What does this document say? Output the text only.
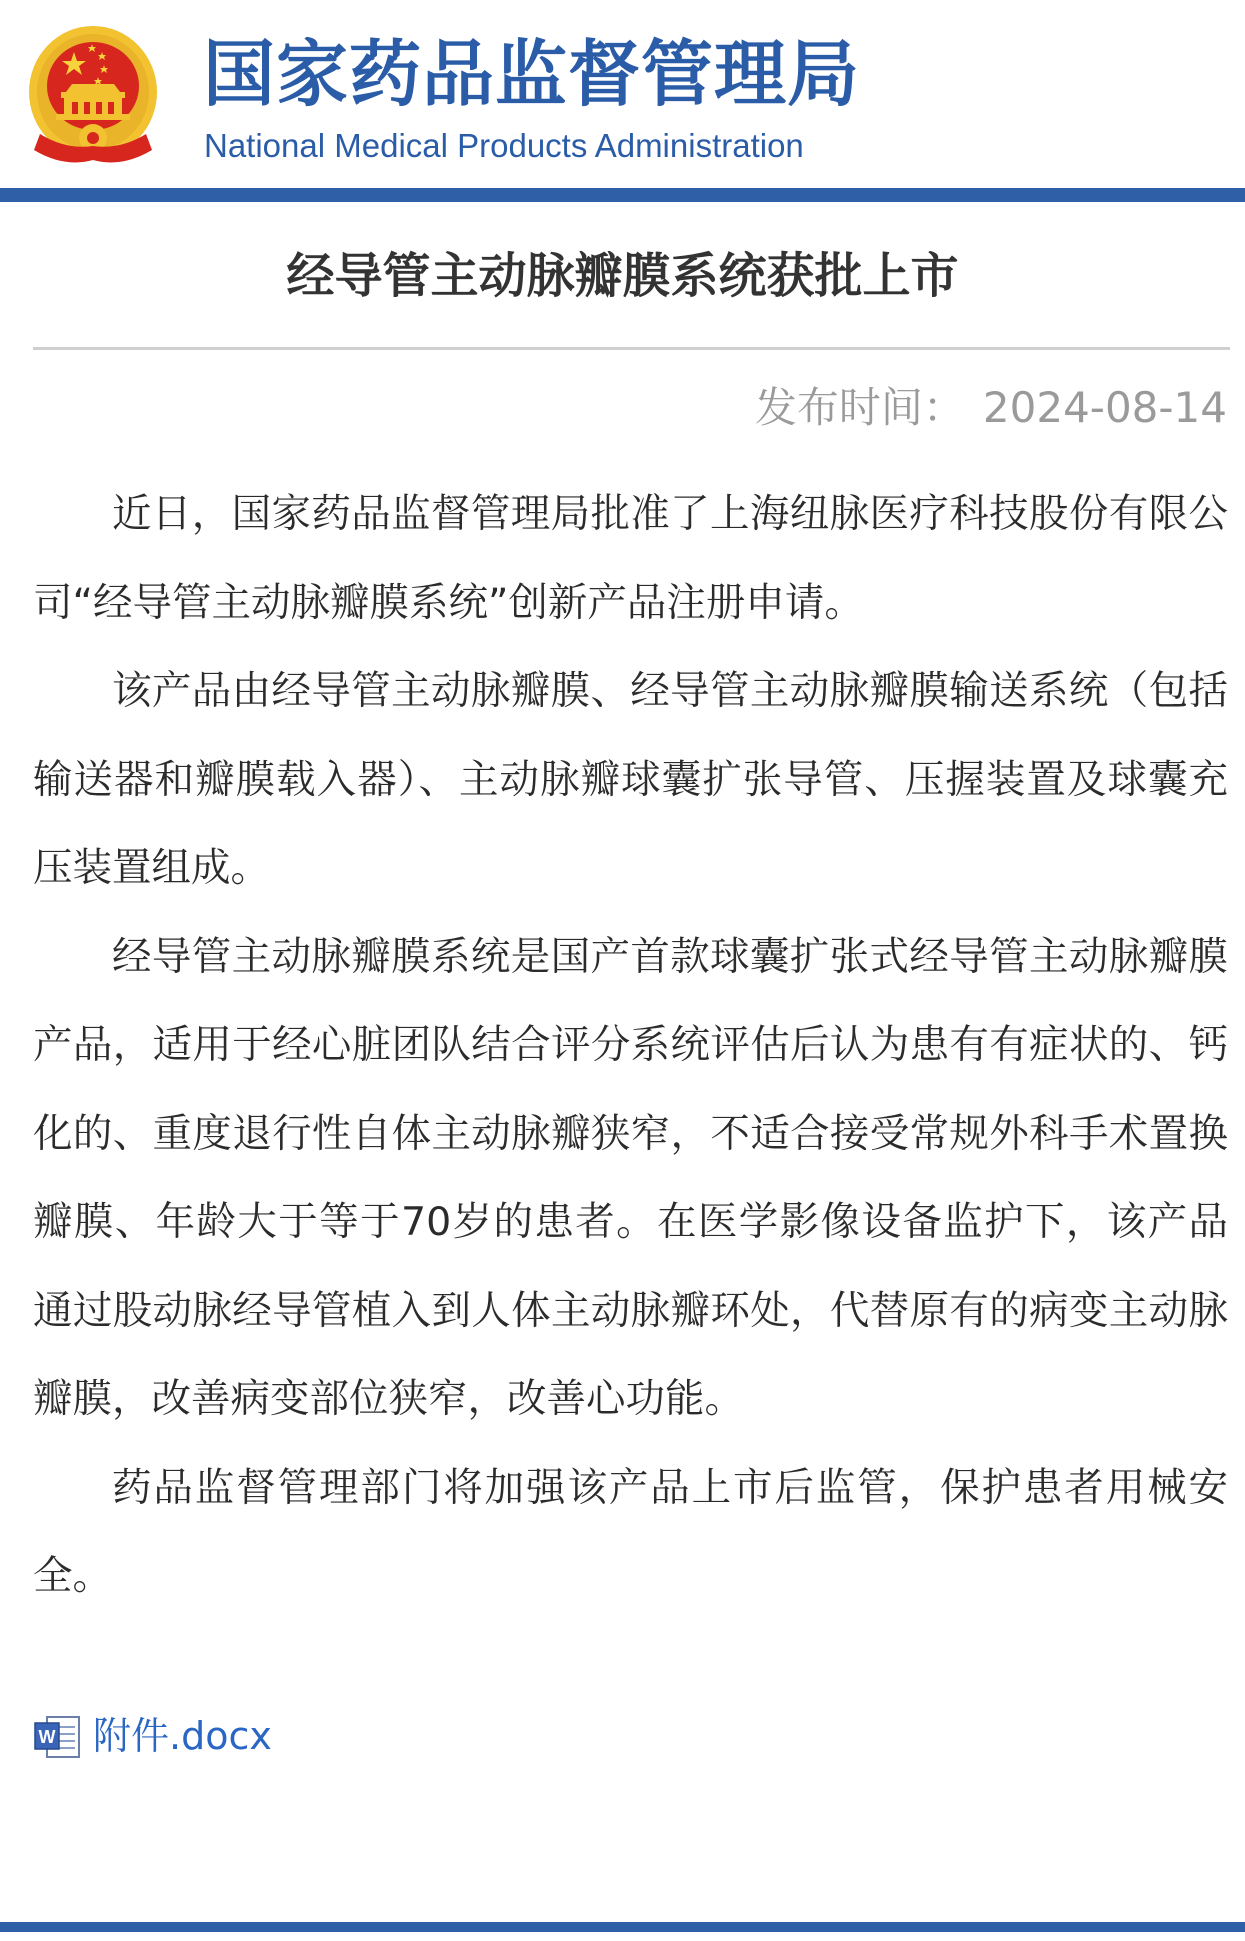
国家药品监督管理局
National Medical Products Administration
经导管主动脉瓣膜系统获批上市
发布时间： 2024-08-14

近日，国家药品监督管理局批准了上海纽脉医疗科技股份有限公司“经导管主动脉瓣膜系统”创新产品注册申请。

该产品由经导管主动脉瓣膜、经导管主动脉瓣膜输送系统（包括输送器和瓣膜载入器）、主动脉瓣球囊扩张导管、压握装置及球囊充压装置组成。

经导管主动脉瓣膜系统是国产首款球囊扩张式经导管主动脉瓣膜产品，适用于经心脏团队结合评分系统评估后认为患有有症状的、钙化的、重度退行性自体主动脉瓣狭窄，不适合接受常规外科手术置换瓣膜、年龄大于等于70岁的患者。在医学影像设备监护下，该产品通过股动脉经导管植入到人体主动脉瓣环处，代替原有的病变主动脉瓣膜，改善病变部位狭窄，改善心功能。

药品监督管理部门将加强该产品上市后监管，保护患者用械安全。

W 附件.docx
